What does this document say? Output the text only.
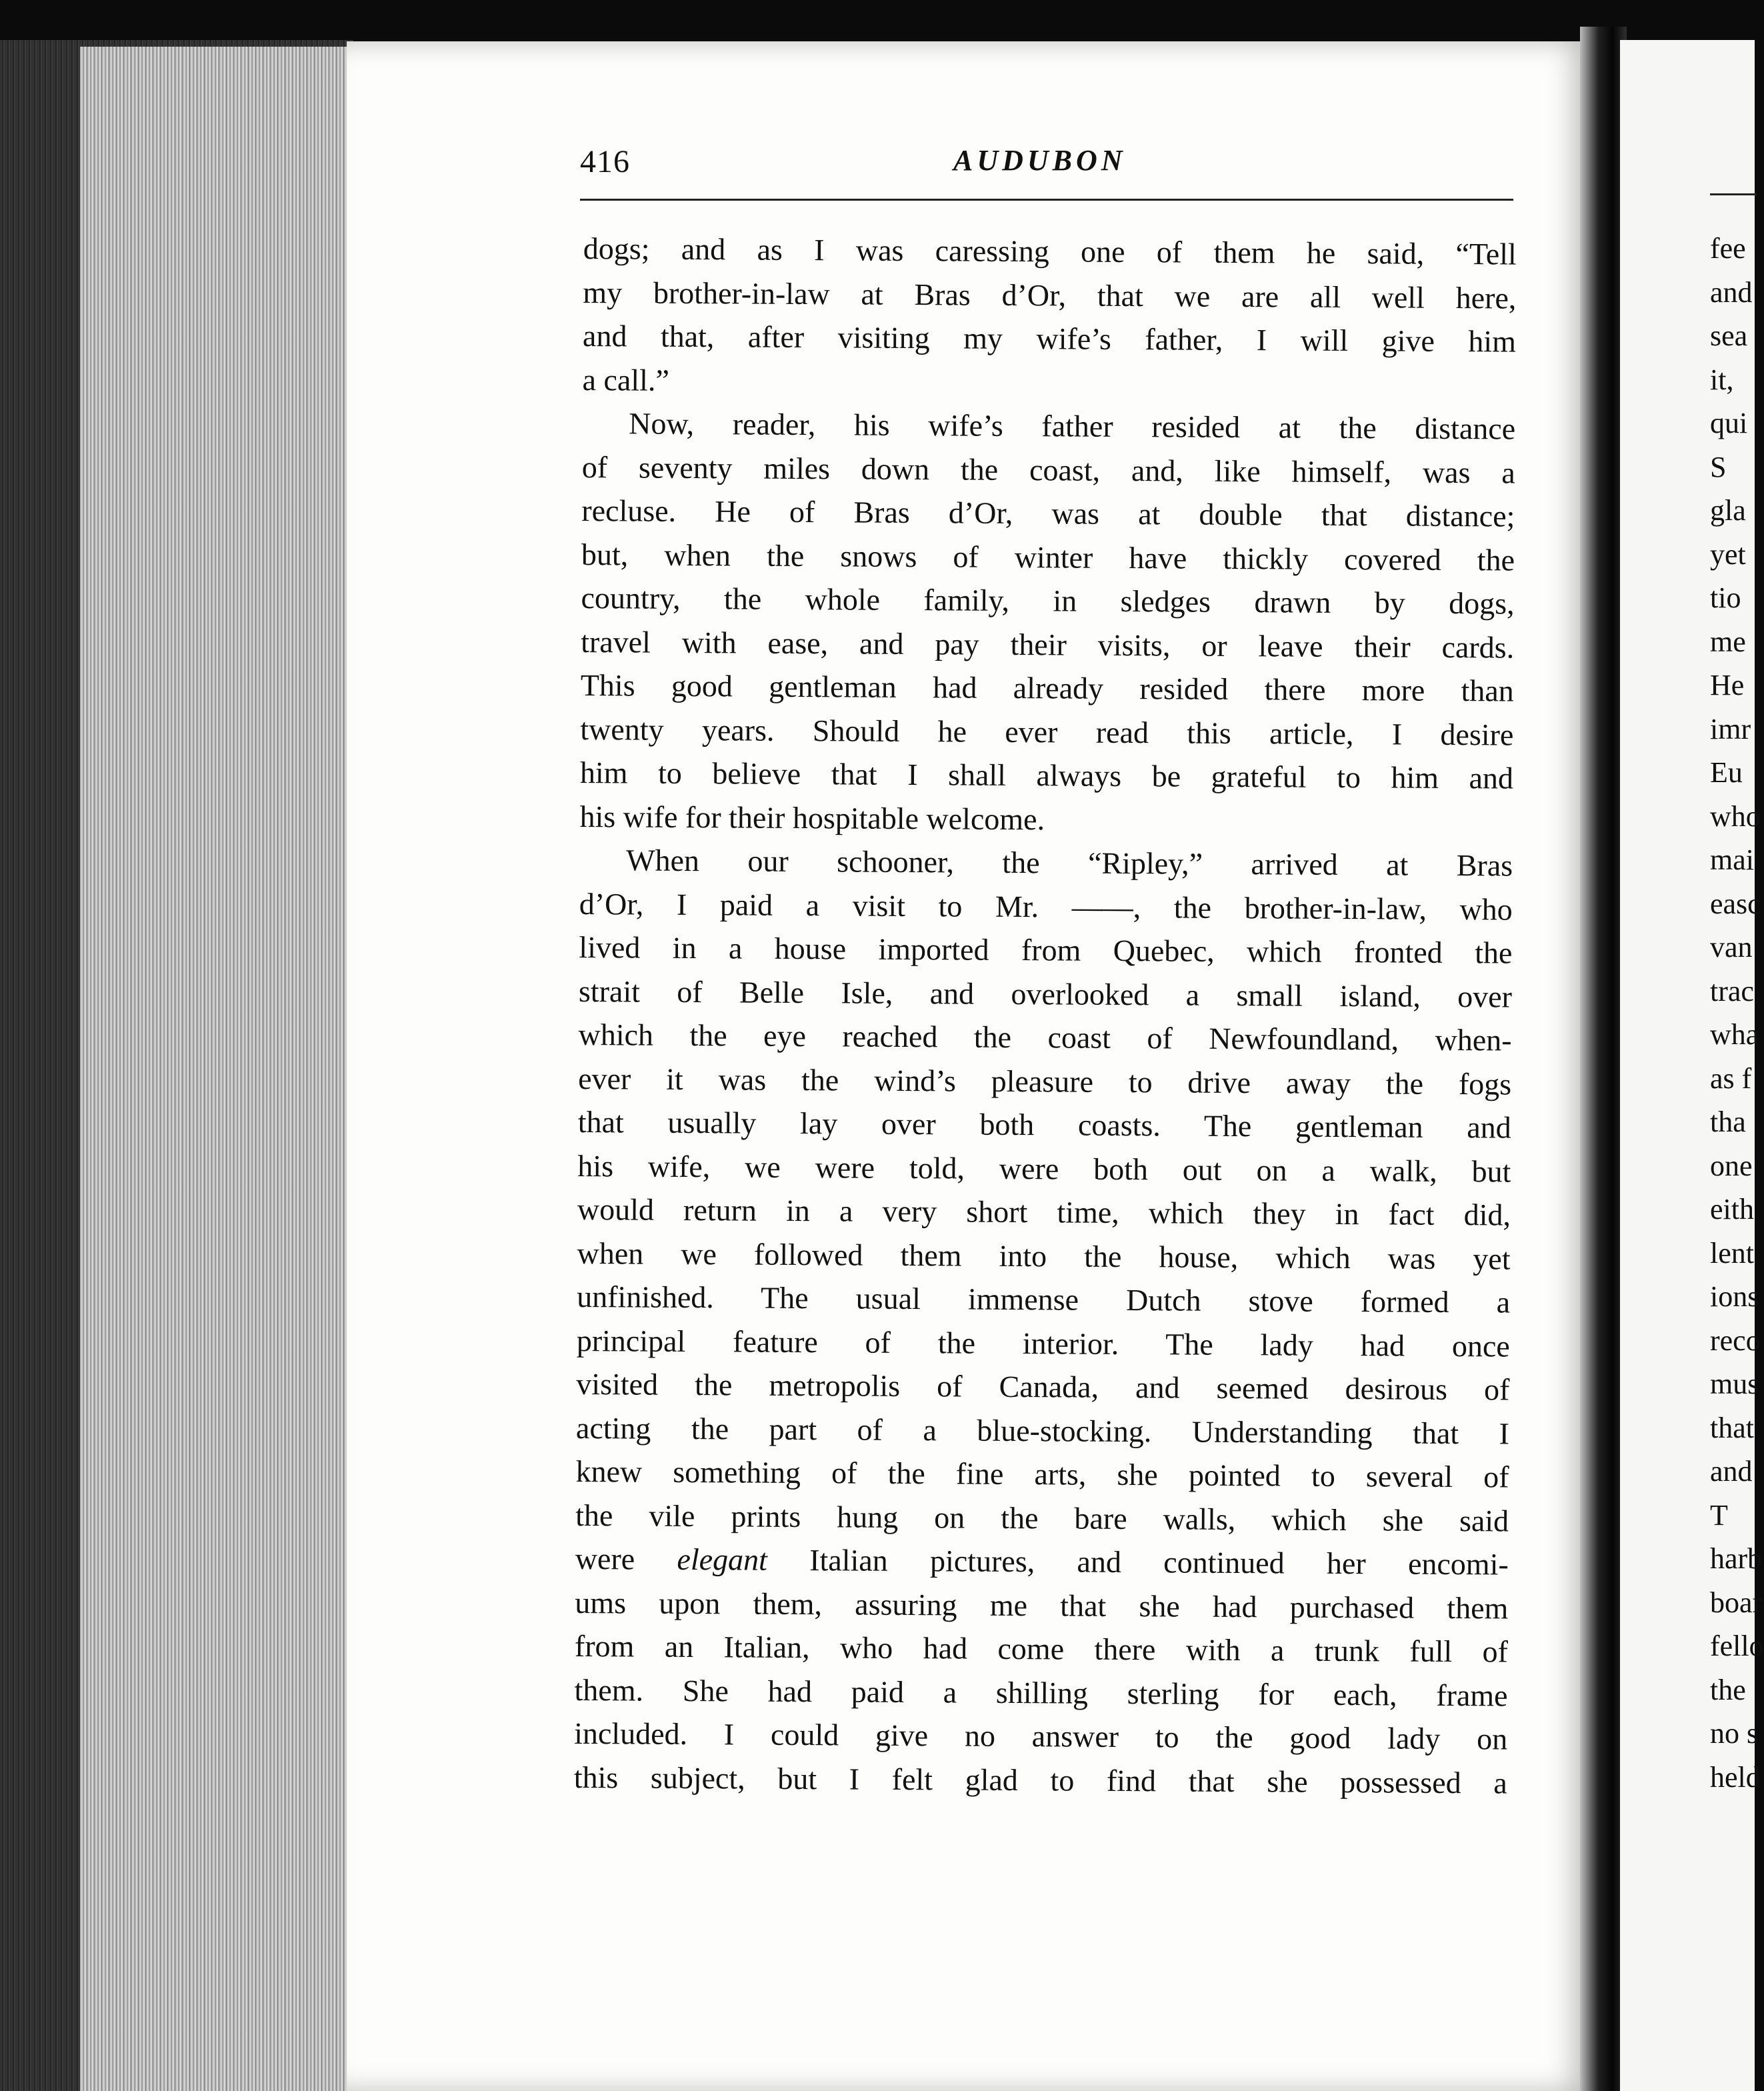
416	AUDUBON
dogs; and as I was caressing one of them he said, “Tell
my brother-in-law at Bras d’Or, that we are all well here,
and that, after visiting my wife’s father, I will give him
a call.”
Now, reader, his wife’s father resided at the distance
of seventy miles down the coast, and, like himself, was a
recluse. He of Bras d’Or, was at double that distance;
but, when the snows of winter have thickly covered the
country, the whole family, in sledges drawn by dogs,
travel with ease, and pay their visits, or leave their cards.
This good gentleman had already resided there more than
twenty years. Should he ever read this article, I desire
him to believe that I shall always be grateful to him and
his wife for their hospitable welcome.
When our schooner, the “Ripley,” arrived at Bras
d’Or, I paid a visit to Mr. ——, the brother-in-law, who
lived in a house imported from Quebec, which fronted the
strait of Belle Isle, and overlooked a small island, over
which the eye reached the coast of Newfoundland, when-
ever it was the wind’s pleasure to drive away the fogs
that usually lay over both coasts. The gentleman and
his wife, we were told, were both out on a walk, but
would return in a very short time, which they in fact did,
when we followed them into the house, which was yet
unfinished. The usual immense Dutch stove formed a
principal feature of the interior. The lady had once
visited the metropolis of Canada, and seemed desirous of
acting the part of a blue-stocking. Understanding that I
knew something of the fine arts, she pointed to several of
the vile prints hung on the bare walls, which she said
were elegant Italian pictures, and continued her encomi-
ums upon them, assuring me that she had purchased them
from an Italian, who had come there with a trunk full of
them. She had paid a shilling sterling for each, frame
included. I could give no answer to the good lady on
this subject, but I felt glad to find that she possessed a
fee
and
sea
it,
qui
S
gla
yet
tio
me
He
imr
Eu
who
mai
easc
van
trac
wha
as f
tha
one
eith
lent
ions
reco
mus
that
and
T
harb
boar
fello
the
no s
held
